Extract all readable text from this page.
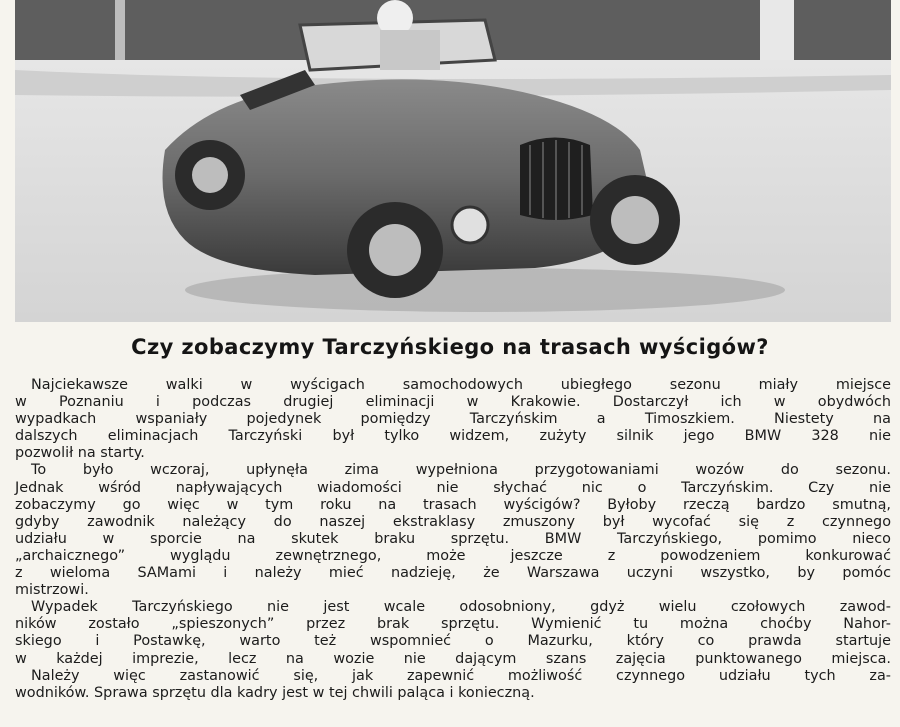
Czy zobaczymy Tarczyńskiego na trasach wyścigów?

Najciekawsze walki w wyścigach samochodowych ubiegłego sezonu miały miejsce
w Poznaniu i podczas drugiej eliminacji w Krakowie. Dostarczył ich w obydwóch
wypadkach wspaniały pojedynek pomiędzy Tarczyńskim a Timoszkiem. Niestety na
dalszych eliminacjach Tarczyński był tylko widzem, zużyty silnik jego BMW 328 nie
pozwolił na starty.

To było wczoraj, upłynęła zima wypełniona przygotowaniami wozów do sezonu.
Jednak wśród napływających wiadomości nie słychać nic o Tarczyńskim. Czy nie
zobaczymy go więc w tym roku na trasach wyścigów? Byłoby rzeczą bardzo smutną,
gdyby zawodnik należący do naszej ekstraklasy zmuszony był wycofać się z czynnego
udziału w sporcie na skutek braku sprzętu. BMW Tarczyńskiego, pomimo nieco
„archaicznego” wyglądu zewnętrznego, może jeszcze z powodzeniem konkurować
z wieloma SAMami i należy mieć nadzieję, że Warszawa uczyni wszystko, by pomóc
mistrzowi.

Wypadek Tarczyńskiego nie jest wcale odosobniony, gdyż wielu czołowych zawod-
ników zostało „spieszonych” przez brak sprzętu. Wymienić tu można choćby Nahor-
skiego i Postawkę, warto też wspomnieć o Mazurku, który co prawda startuje
w każdej imprezie, lecz na wozie nie dającym szans zajęcia punktowanego miejsca.

Należy więc zastanowić się, jak zapewnić możliwość czynnego udziału tych za-
wodników. Sprawa sprzętu dla kadry jest w tej chwili paląca i konieczną.
